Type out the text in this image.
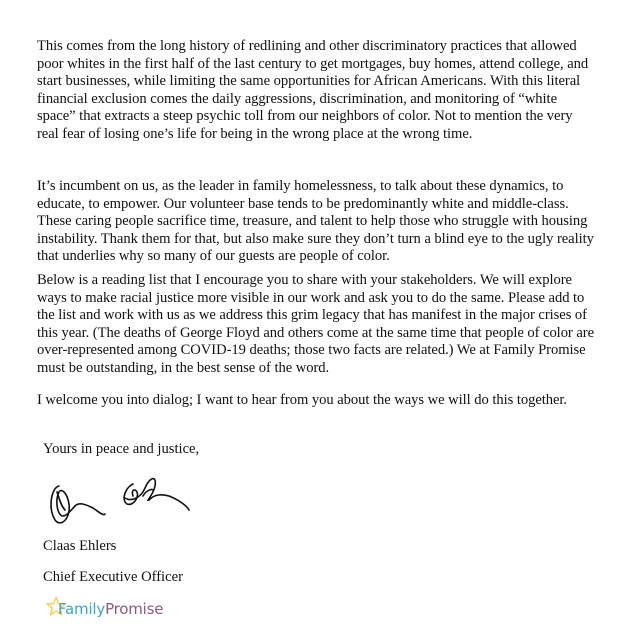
This comes from the long history of redlining and other discriminatory practices that allowed poor whites in the first half of the last century to get mortgages, buy homes, attend college, and start businesses, while limiting the same opportunities for African Americans. With this literal financial exclusion comes the daily aggressions, discrimination, and monitoring of “white space” that extracts a steep psychic toll from our neighbors of color. Not to mention the very real fear of losing one’s life for being in the wrong place at the wrong time.

It’s incumbent on us, as the leader in family homelessness, to talk about these dynamics, to educate, to empower. Our volunteer base tends to be predominantly white and middle-class. These caring people sacrifice time, treasure, and talent to help those who struggle with housing instability. Thank them for that, but also make sure they don’t turn a blind eye to the ugly reality that underlies why so many of our guests are people of color.

Below is a reading list that I encourage you to share with your stakeholders. We will explore ways to make racial justice more visible in our work and ask you to do the same. Please add to the list and work with us as we address this grim legacy that has manifest in the major crises of this year. (The deaths of George Floyd and others come at the same time that people of color are over-represented among COVID-19 deaths; those two facts are related.) We at Family Promise must be outstanding, in the best sense of the word.

I welcome you into dialog; I want to hear from you about the ways we will do this together.

Yours in peace and justice,

Claas Ehlers

Chief Executive Officer

FamilyPromise
